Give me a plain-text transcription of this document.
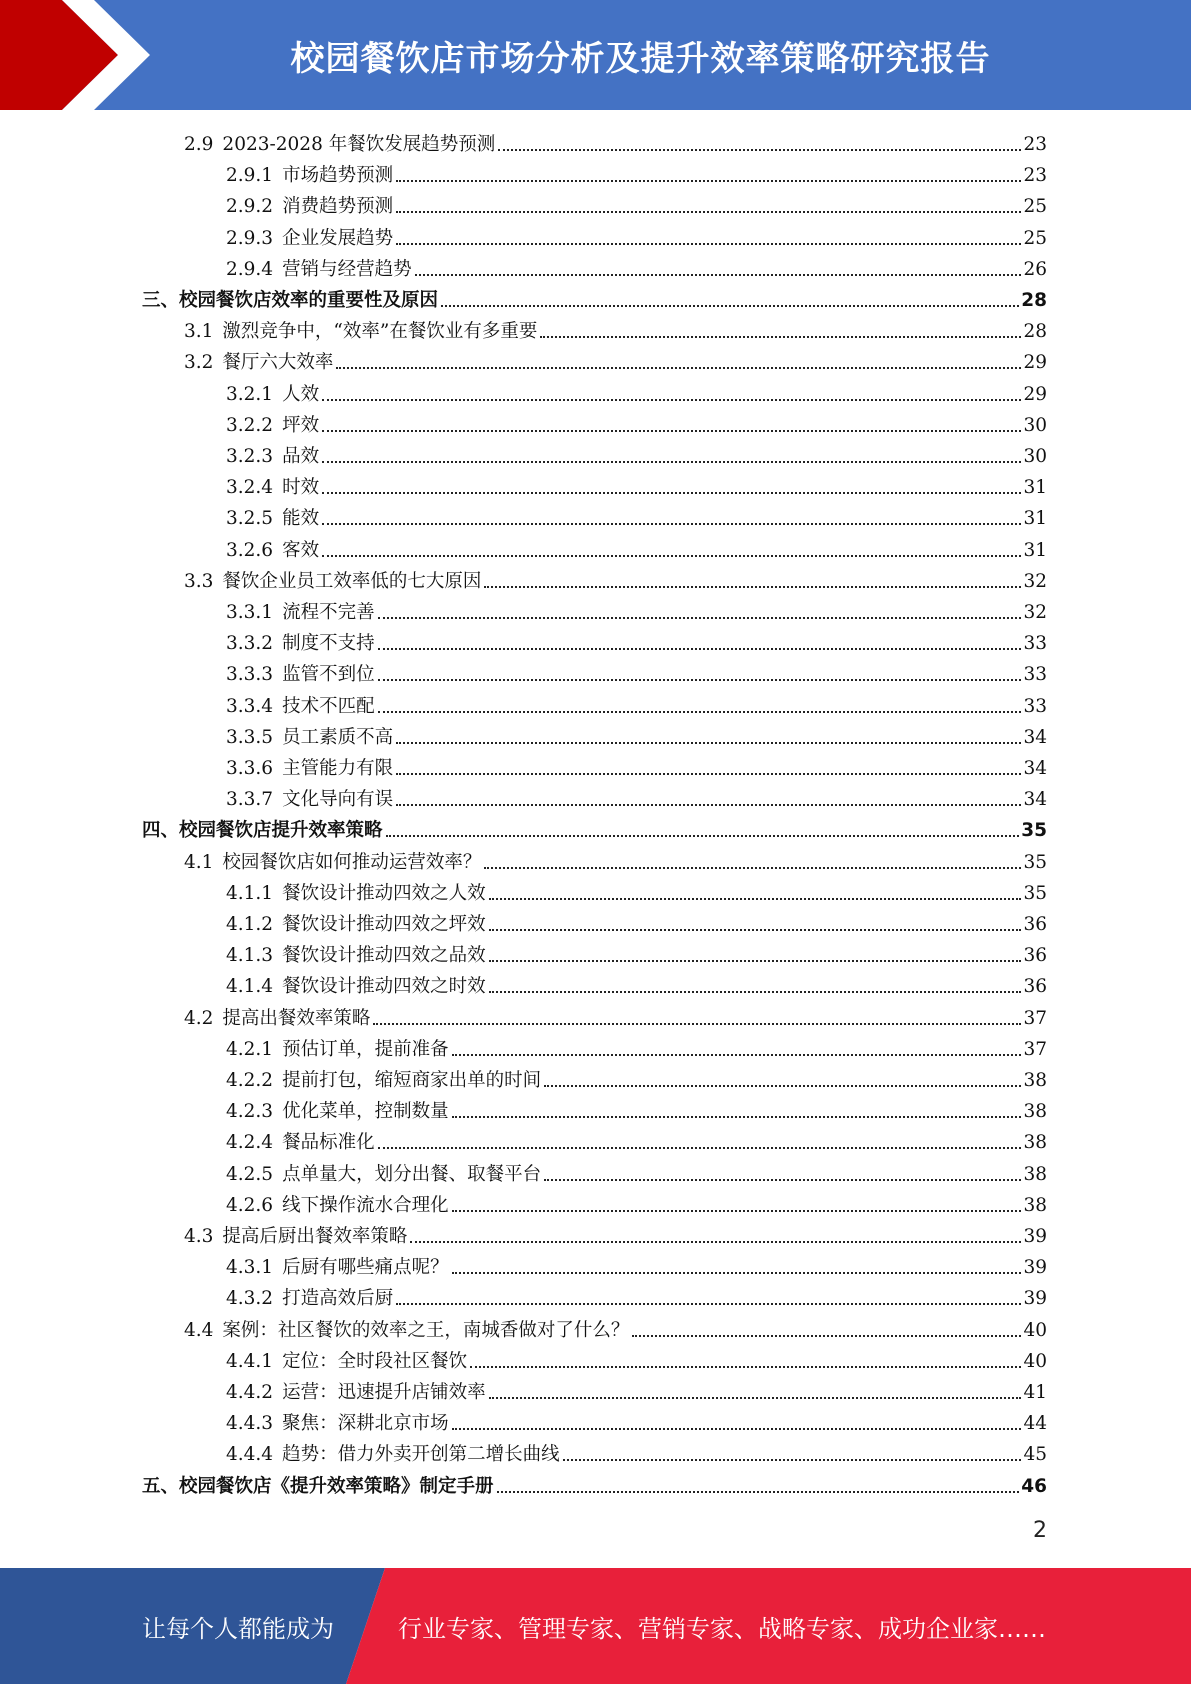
校园餐饮店市场分析及提升效率策略研究报告
2.9 2023-2028 年餐饮发展趋势预测	23
2.9.1 市场趋势预测	23
2.9.2 消费趋势预测	25
2.9.3 企业发展趋势	25
2.9.4 营销与经营趋势	26
三、校园餐饮店效率的重要性及原因	28
3.1 激烈竞争中，“效率”在餐饮业有多重要	28
3.2 餐厅六大效率	29
3.2.1 人效	29
3.2.2 坪效	30
3.2.3 品效	30
3.2.4 时效	31
3.2.5 能效	31
3.2.6 客效	31
3.3 餐饮企业员工效率低的七大原因	32
3.3.1 流程不完善	32
3.3.2 制度不支持	33
3.3.3 监管不到位	33
3.3.4 技术不匹配	33
3.3.5 员工素质不高	34
3.3.6 主管能力有限	34
3.3.7 文化导向有误	34
四、校园餐饮店提升效率策略	35
4.1 校园餐饮店如何推动运营效率？	35
4.1.1 餐饮设计推动四效之人效	35
4.1.2 餐饮设计推动四效之坪效	36
4.1.3 餐饮设计推动四效之品效	36
4.1.4 餐饮设计推动四效之时效	36
4.2 提高出餐效率策略	37
4.2.1 预估订单，提前准备	37
4.2.2 提前打包，缩短商家出单的时间	38
4.2.3 优化菜单，控制数量	38
4.2.4 餐品标准化	38
4.2.5 点单量大，划分出餐、取餐平台	38
4.2.6 线下操作流水合理化	38
4.3 提高后厨出餐效率策略	39
4.3.1 后厨有哪些痛点呢？	39
4.3.2 打造高效后厨	39
4.4 案例：社区餐饮的效率之王，南城香做对了什么？	40
4.4.1 定位：全时段社区餐饮	40
4.4.2 运营：迅速提升店铺效率	41
4.4.3 聚焦：深耕北京市场	44
4.4.4 趋势：借力外卖开创第二增长曲线	45
五、校园餐饮店《提升效率策略》制定手册	46
2
让每个人都能成为	行业专家、管理专家、营销专家、战略专家、成功企业家……
